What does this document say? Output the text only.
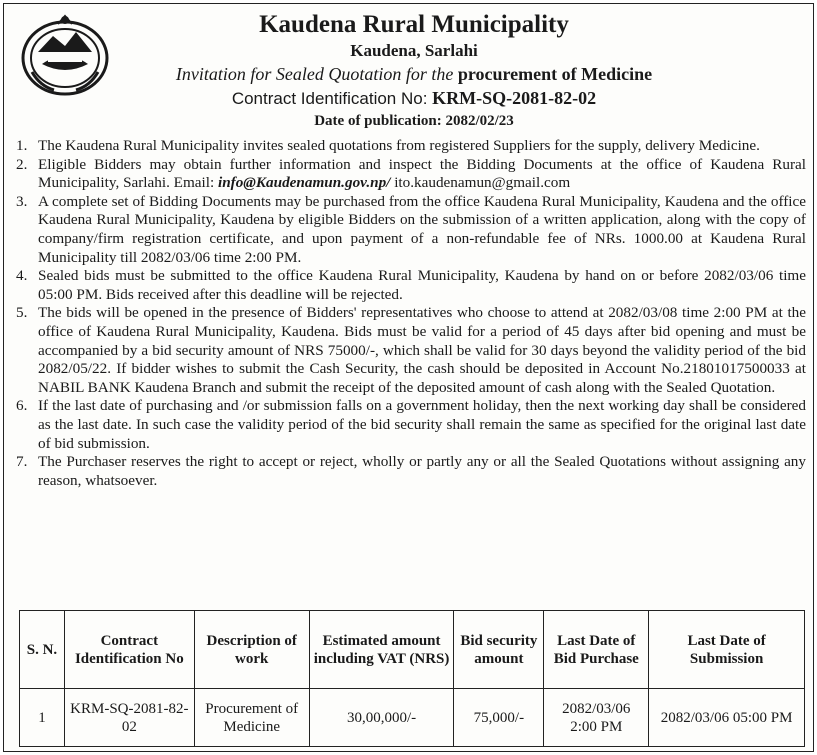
Kaudena Rural Municipality
Kaudena, Sarlahi
Invitation for Sealed Quotation for the procurement of Medicine
Contract Identification No: KRM-SQ-2081-82-02
Date of publication: 2082/02/23
1. The Kaudena Rural Municipality invites sealed quotations from registered Suppliers for the supply, delivery Medicine.
2. Eligible Bidders may obtain further information and inspect the Bidding Documents at the office of Kaudena Rural Municipality, Sarlahi. Email: info@Kaudenamun.gov.np/ ito.kaudenamun@gmail.com
3. A complete set of Bidding Documents may be purchased from the office Kaudena Rural Municipality, Kaudena and the office Kaudena Rural Municipality, Kaudena by eligible Bidders on the submission of a written application, along with the copy of company/firm registration certificate, and upon payment of a non-refundable fee of NRs. 1000.00 at Kaudena Rural Municipality till 2082/03/06 time 2:00 PM.
4. Sealed bids must be submitted to the office Kaudena Rural Municipality, Kaudena by hand on or before 2082/03/06 time 05:00 PM. Bids received after this deadline will be rejected.
5. The bids will be opened in the presence of Bidders' representatives who choose to attend at 2082/03/08 time 2:00 PM at the office of Kaudena Rural Municipality, Kaudena. Bids must be valid for a period of 45 days after bid opening and must be accompanied by a bid security amount of NRS 75000/-, which shall be valid for 30 days beyond the validity period of the bid 2082/05/22. If bidder wishes to submit the Cash Security, the cash should be deposited in Account No.21801017500033 at NABIL BANK Kaudena Branch and submit the receipt of the deposited amount of cash along with the Sealed Quotation.
6. If the last date of purchasing and /or submission falls on a government holiday, then the next working day shall be considered as the last date. In such case the validity period of the bid security shall remain the same as specified for the original last date of bid submission.
7. The Purchaser reserves the right to accept or reject, wholly or partly any or all the Sealed Quotations without assigning any reason, whatsoever.
S. N.	Contract Identification No	Description of work	Estimated amount including VAT (NRS)	Bid security amount	Last Date of Bid Purchase	Last Date of Submission
1	KRM-SQ-2081-82-02	Procurement of Medicine	30,00,000/-	75,000/-	2082/03/06 2:00 PM	2082/03/06 05:00 PM
